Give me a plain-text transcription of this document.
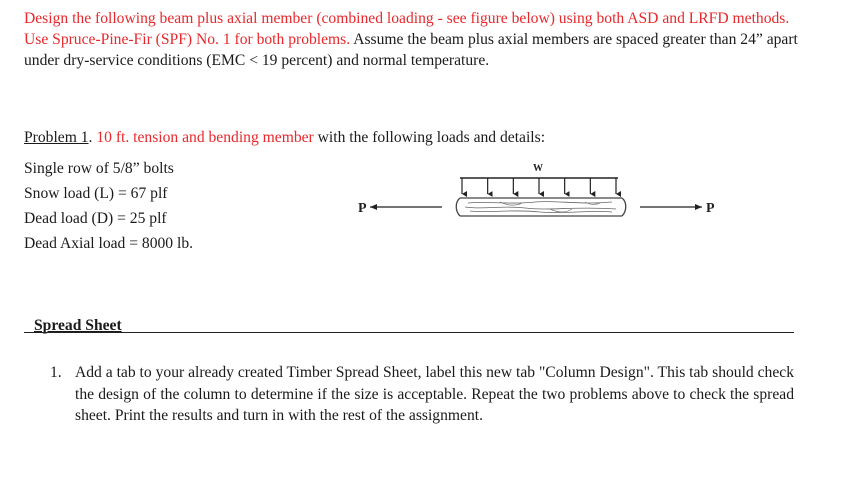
Design the following beam plus axial member (combined loading - see figure below) using both ASD and LRFD methods. Use Spruce-Pine-Fir (SPF) No. 1 for both problems. Assume the beam plus axial members are spaced greater than 24” apart under dry-service conditions (EMC < 19 percent) and normal temperature.
Problem 1. 10 ft. tension and bending member with the following loads and details:
Single row of 5/8” bolts
Snow load (L) = 67 plf
Dead load (D) = 25 plf
Dead Axial load = 8000 lb.
W
P	P
Spread Sheet
1. Add a tab to your already created Timber Spread Sheet, label this new tab "Column Design". This tab should check the design of the column to determine if the size is acceptable. Repeat the two problems above to check the spread sheet. Print the results and turn in with the rest of the assignment.
